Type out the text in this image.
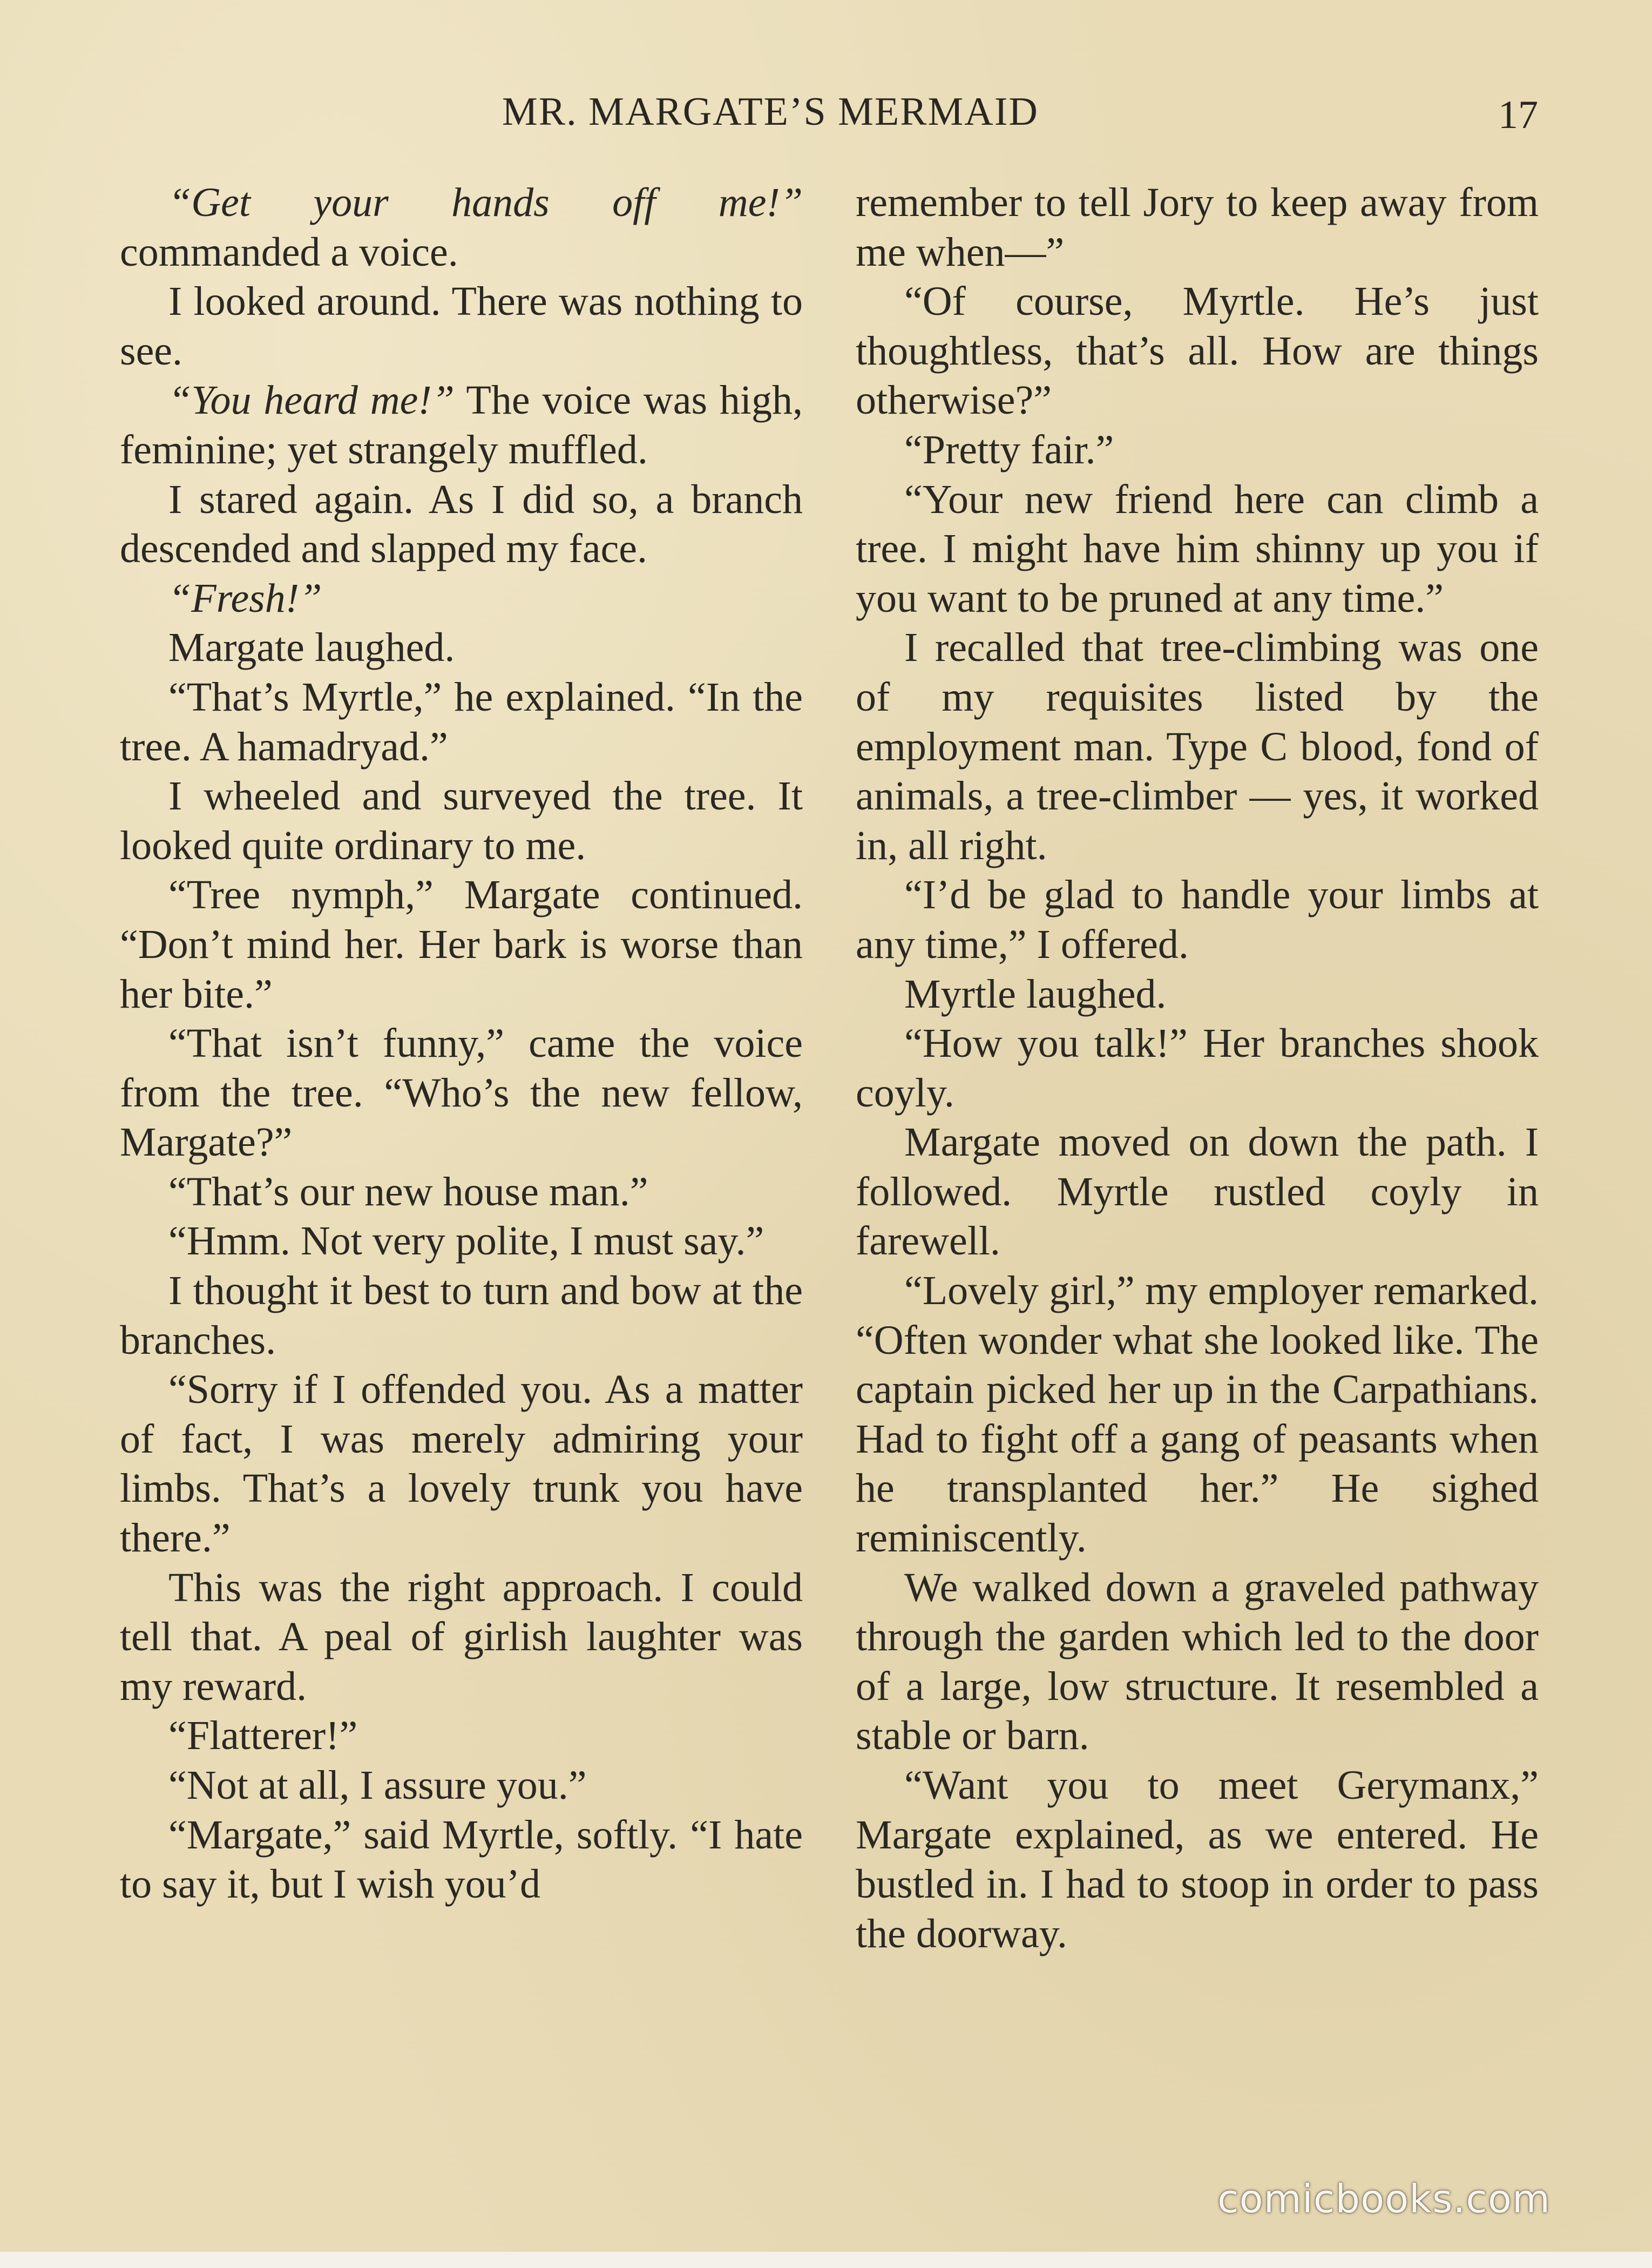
MR. MARGATE’S MERMAID	17

“Get your hands off me!” commanded a voice.

I looked around. There was nothing to see.

“You heard me!” The voice was high, feminine; yet strangely muffled.

I stared again. As I did so, a branch descended and slapped my face.

“Fresh!”

Margate laughed.

“That’s Myrtle,” he explained. “In the tree. A hamadryad.”

I wheeled and surveyed the tree. It looked quite ordinary to me.

“Tree nymph,” Margate continued. “Don’t mind her. Her bark is worse than her bite.”

“That isn’t funny,” came the voice from the tree. “Who’s the new fellow, Margate?”

“That’s our new house man.”

“Hmm. Not very polite, I must say.”

I thought it best to turn and bow at the branches.

“Sorry if I offended you. As a matter of fact, I was merely admiring your limbs. That’s a lovely trunk you have there.”

This was the right approach. I could tell that. A peal of girlish laughter was my reward.

“Flatterer!”

“Not at all, I assure you.”

“Margate,” said Myrtle, softly. “I hate to say it, but I wish you’d

remember to tell Jory to keep away from me when—”

“Of course, Myrtle. He’s just thoughtless, that’s all. How are things otherwise?”

“Pretty fair.”

“Your new friend here can climb a tree. I might have him shinny up you if you want to be pruned at any time.”

I recalled that tree-climbing was one of my requisites listed by the employment man. Type C blood, fond of animals, a tree-climber — yes, it worked in, all right.

“I’d be glad to handle your limbs at any time,” I offered.

Myrtle laughed.

“How you talk!” Her branches shook coyly.

Margate moved on down the path. I followed. Myrtle rustled coyly in farewell.

“Lovely girl,” my employer remarked. “Often wonder what she looked like. The captain picked her up in the Carpathians. Had to fight off a gang of peasants when he transplanted her.” He sighed reminiscently.

We walked down a graveled pathway through the garden which led to the door of a large, low structure. It resembled a stable or barn.

“Want you to meet Gerymanx,” Margate explained, as we entered. He bustled in. I had to stoop in order to pass the doorway.

comicbooks.com
